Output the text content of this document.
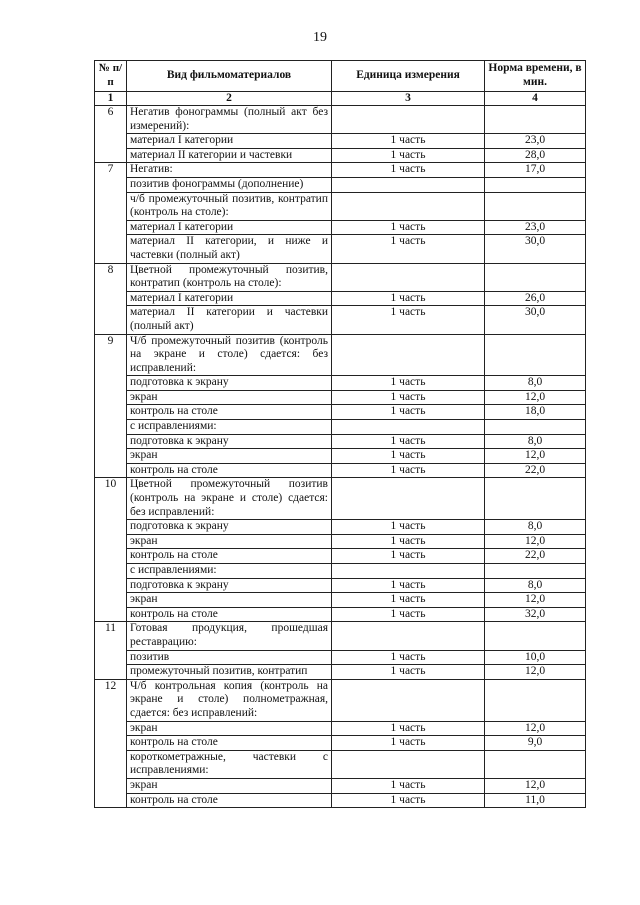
19
№ п/п	Вид фильмоматериалов	Единица измерения	Норма времени, в мин.
1	2	3	4
6	Негатив фонограммы (полный акт без измерений):		
	материал I категории	1 часть	23,0
	материал II категории и частевки	1 часть	28,0
7	Негатив:	1 часть	17,0
	позитив фонограммы (дополнение)		
	ч/б промежуточный позитив, контратип (контроль на столе):		
	материал I категории	1 часть	23,0
	материал II категории, и ниже и частевки (полный акт)	1 часть	30,0
8	Цветной промежуточный позитив, контратип (контроль на столе):		
	материал I категории	1 часть	26,0
	материал II категории и частевки (полный акт)	1 часть	30,0
9	Ч/б промежуточный позитив (контроль на экране и столе) сдается: без исправлений:		
	подготовка к экрану	1 часть	8,0
	экран	1 часть	12,0
	контроль на столе	1 часть	18,0
	с исправлениями:		
	подготовка к экрану	1 часть	8,0
	экран	1 часть	12,0
	контроль на столе	1 часть	22,0
10	Цветной промежуточный позитив (контроль на экране и столе) сдается: без исправлений:		
	подготовка к экрану	1 часть	8,0
	экран	1 часть	12,0
	контроль на столе	1 часть	22,0
	с исправлениями:		
	подготовка к экрану	1 часть	8,0
	экран	1 часть	12,0
	контроль на столе	1 часть	32,0
11	Готовая продукция, прошедшая реставрацию:		
	позитив	1 часть	10,0
	промежуточный позитив, контратип	1 часть	12,0
12	Ч/б контрольная копия (контроль на экране и столе) полнометражная, сдается: без исправлений:		
	экран	1 часть	12,0
	контроль на столе	1 часть	9,0
	короткометражные, частевки с исправлениями:		
	экран	1 часть	12,0
	контроль на столе	1 часть	11,0
